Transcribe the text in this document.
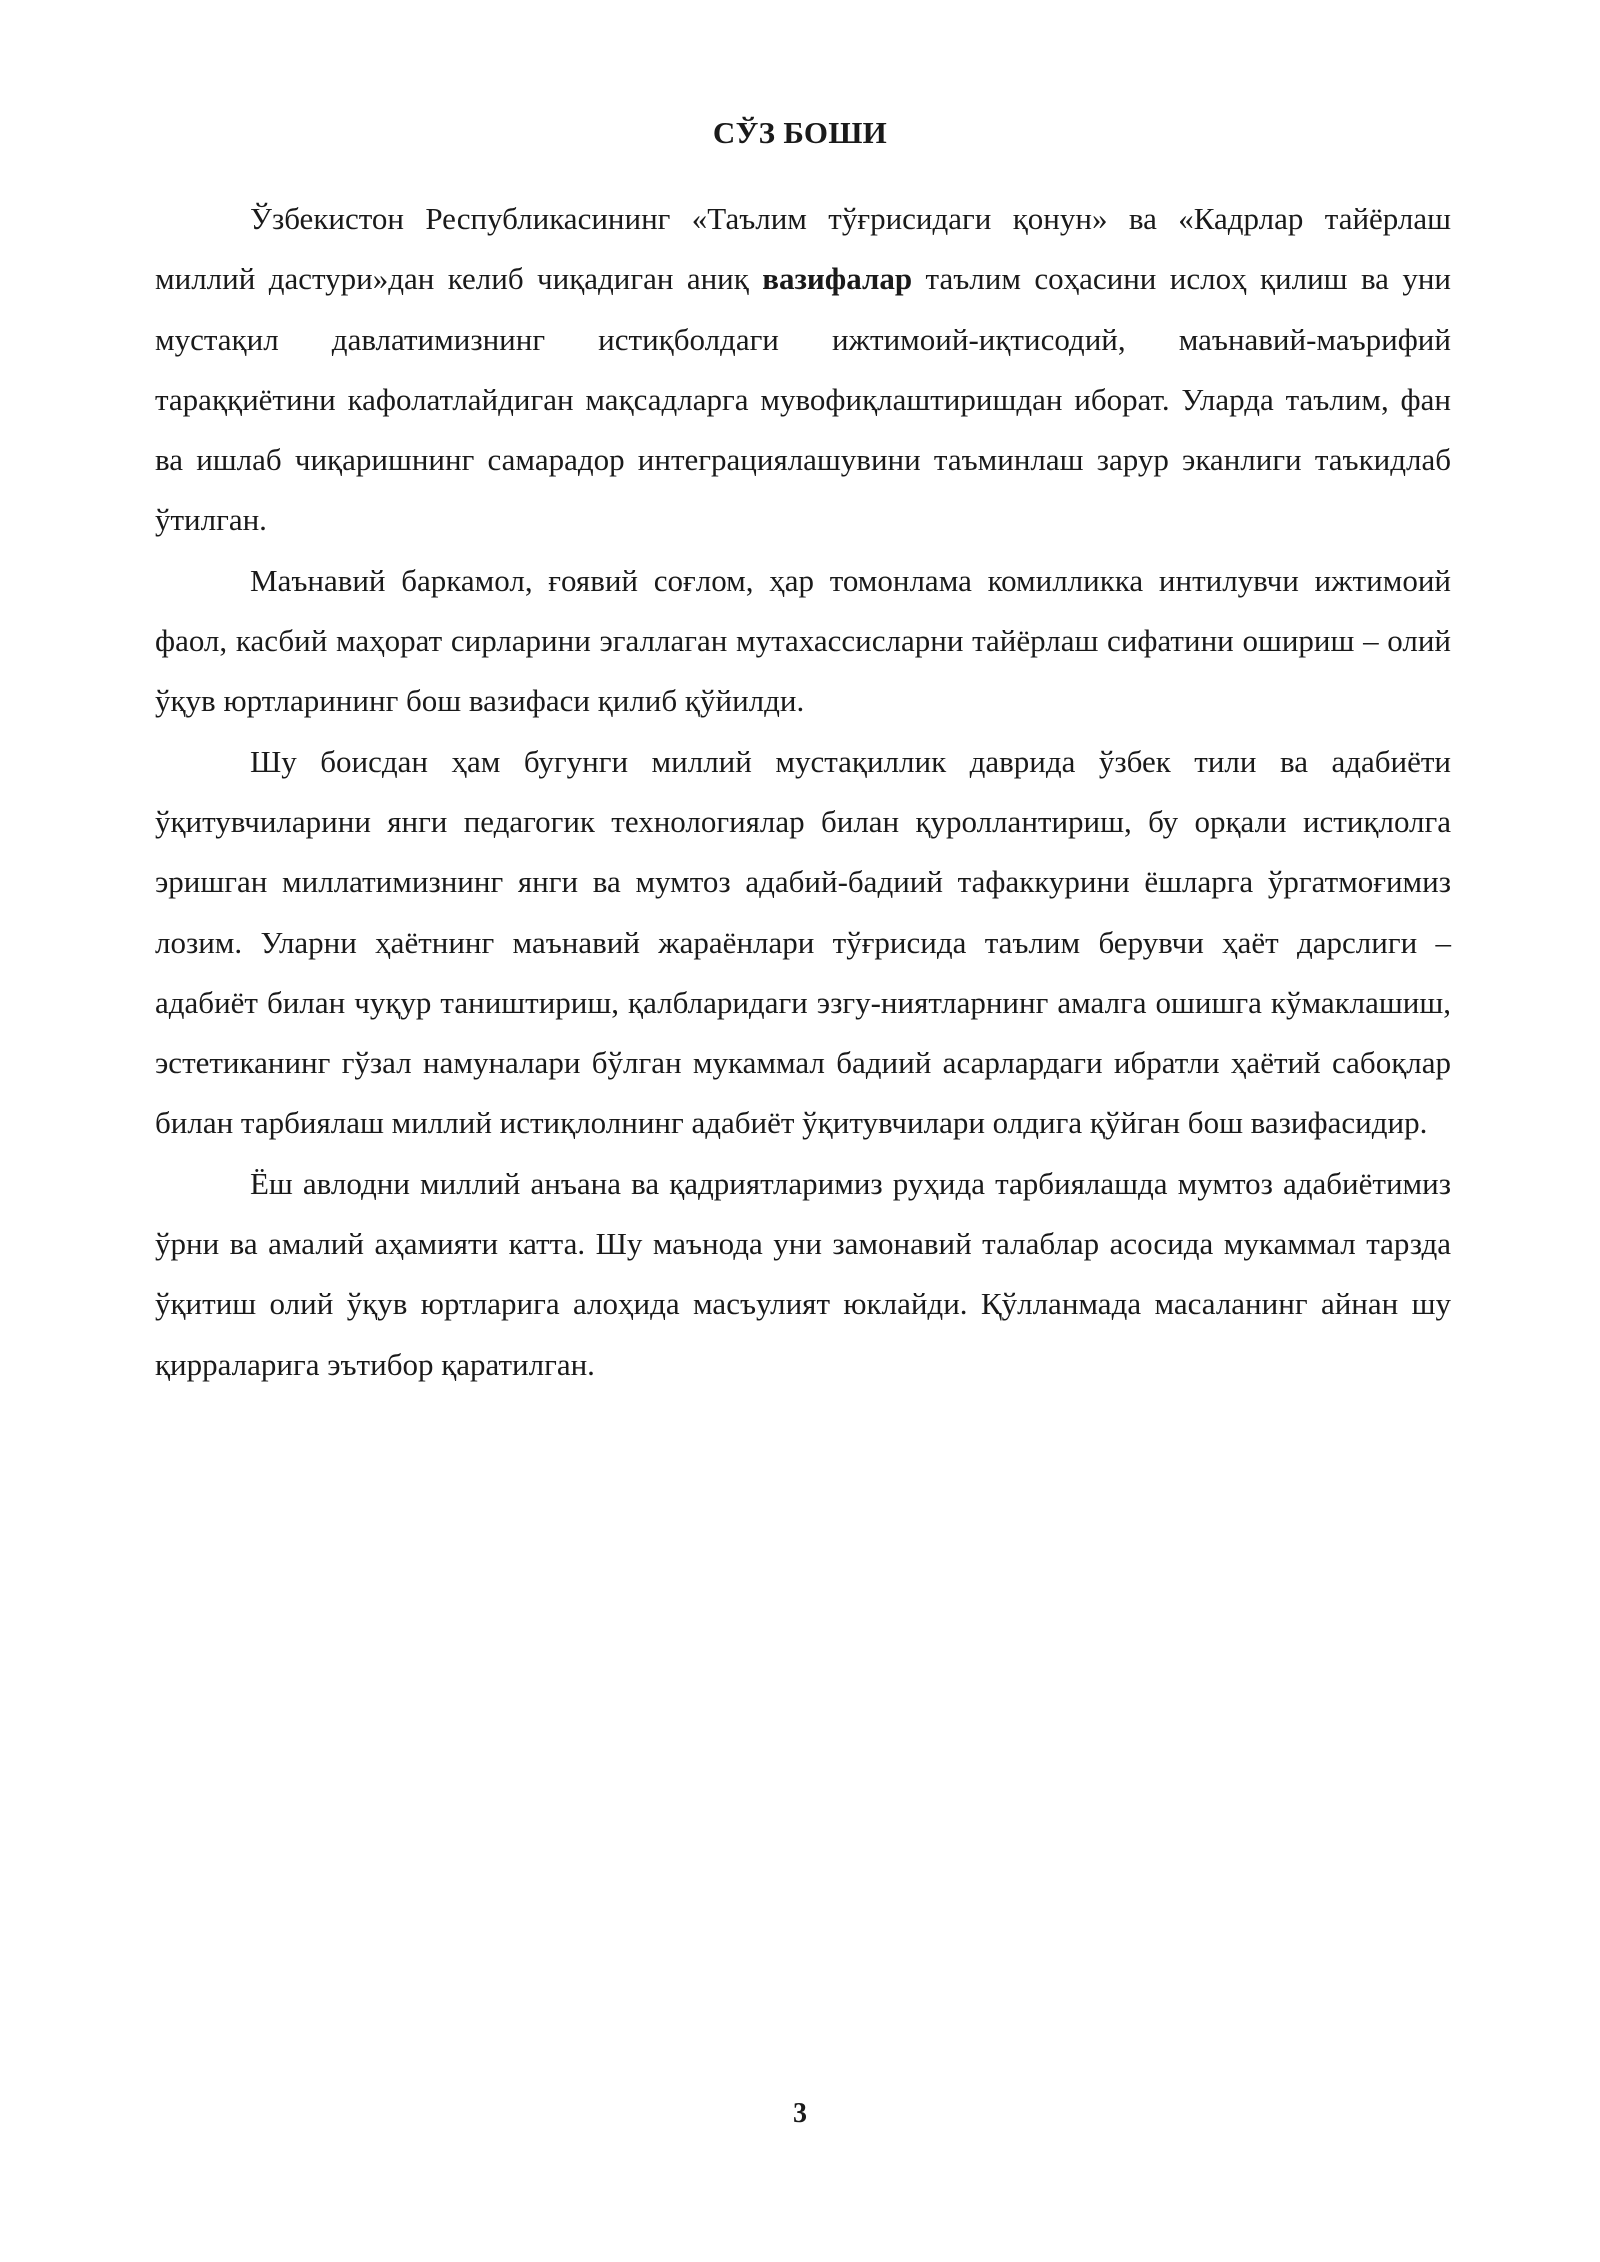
СЎЗ БОШИ

Ўзбекистон Республикасининг «Таълим тўғрисидаги қонун» ва «Кадрлар тайёрлаш миллий дастури»дан келиб чиқадиган аниқ вазифалар таълим соҳасини ислоҳ қилиш ва уни мустақил давлатимизнинг истиқболдаги ижтимоий-иқтисодий, маънавий-маърифий тараққиётини кафолатлайдиган мақсадларга мувофиқлаштиришдан иборат. Уларда таълим, фан ва ишлаб чиқаришнинг самарадор интеграциялашувини таъминлаш зарур эканлиги таъкидлаб ўтилган.

Маънавий баркамол, ғоявий соғлом, ҳар томонлама комилликка интилувчи ижтимоий фаол, касбий маҳорат сирларини эгаллаган мутахассисларни тайёрлаш сифатини ошириш – олий ўқув юртларининг бош вазифаси қилиб қўйилди.

Шу боисдан ҳам бугунги миллий мустақиллик даврида ўзбек тили ва адабиёти ўқитувчиларини янги педагогик технологиялар билан қуроллантириш, бу орқали истиқлолга эришган миллатимизнинг янги ва мумтоз адабий-бадиий тафаккурини ёшларга ўргатмоғимиз лозим. Уларни ҳаётнинг маънавий жараёнлари тўғрисида таълим берувчи ҳаёт дарслиги – адабиёт билан чуқур таништириш, қалбларидаги эзгу-ниятларнинг амалга ошишга кўмаклашиш, эстетиканинг гўзал намуналари бўлган мукаммал бадиий асарлардаги ибратли ҳаётий сабоқлар билан тарбиялаш миллий истиқлолнинг адабиёт ўқитувчилари олдига қўйган бош вазифасидир.

Ёш авлодни миллий анъана ва қадриятларимиз руҳида тарбиялашда мумтоз адабиётимиз ўрни ва амалий аҳамияти катта. Шу маънода уни замонавий талаблар асосида мукаммал тарзда ўқитиш олий ўқув юртларига алоҳида масъулият юклайди. Қўлланмада масаланинг айнан шу қирраларига эътибор қаратилган.

3
